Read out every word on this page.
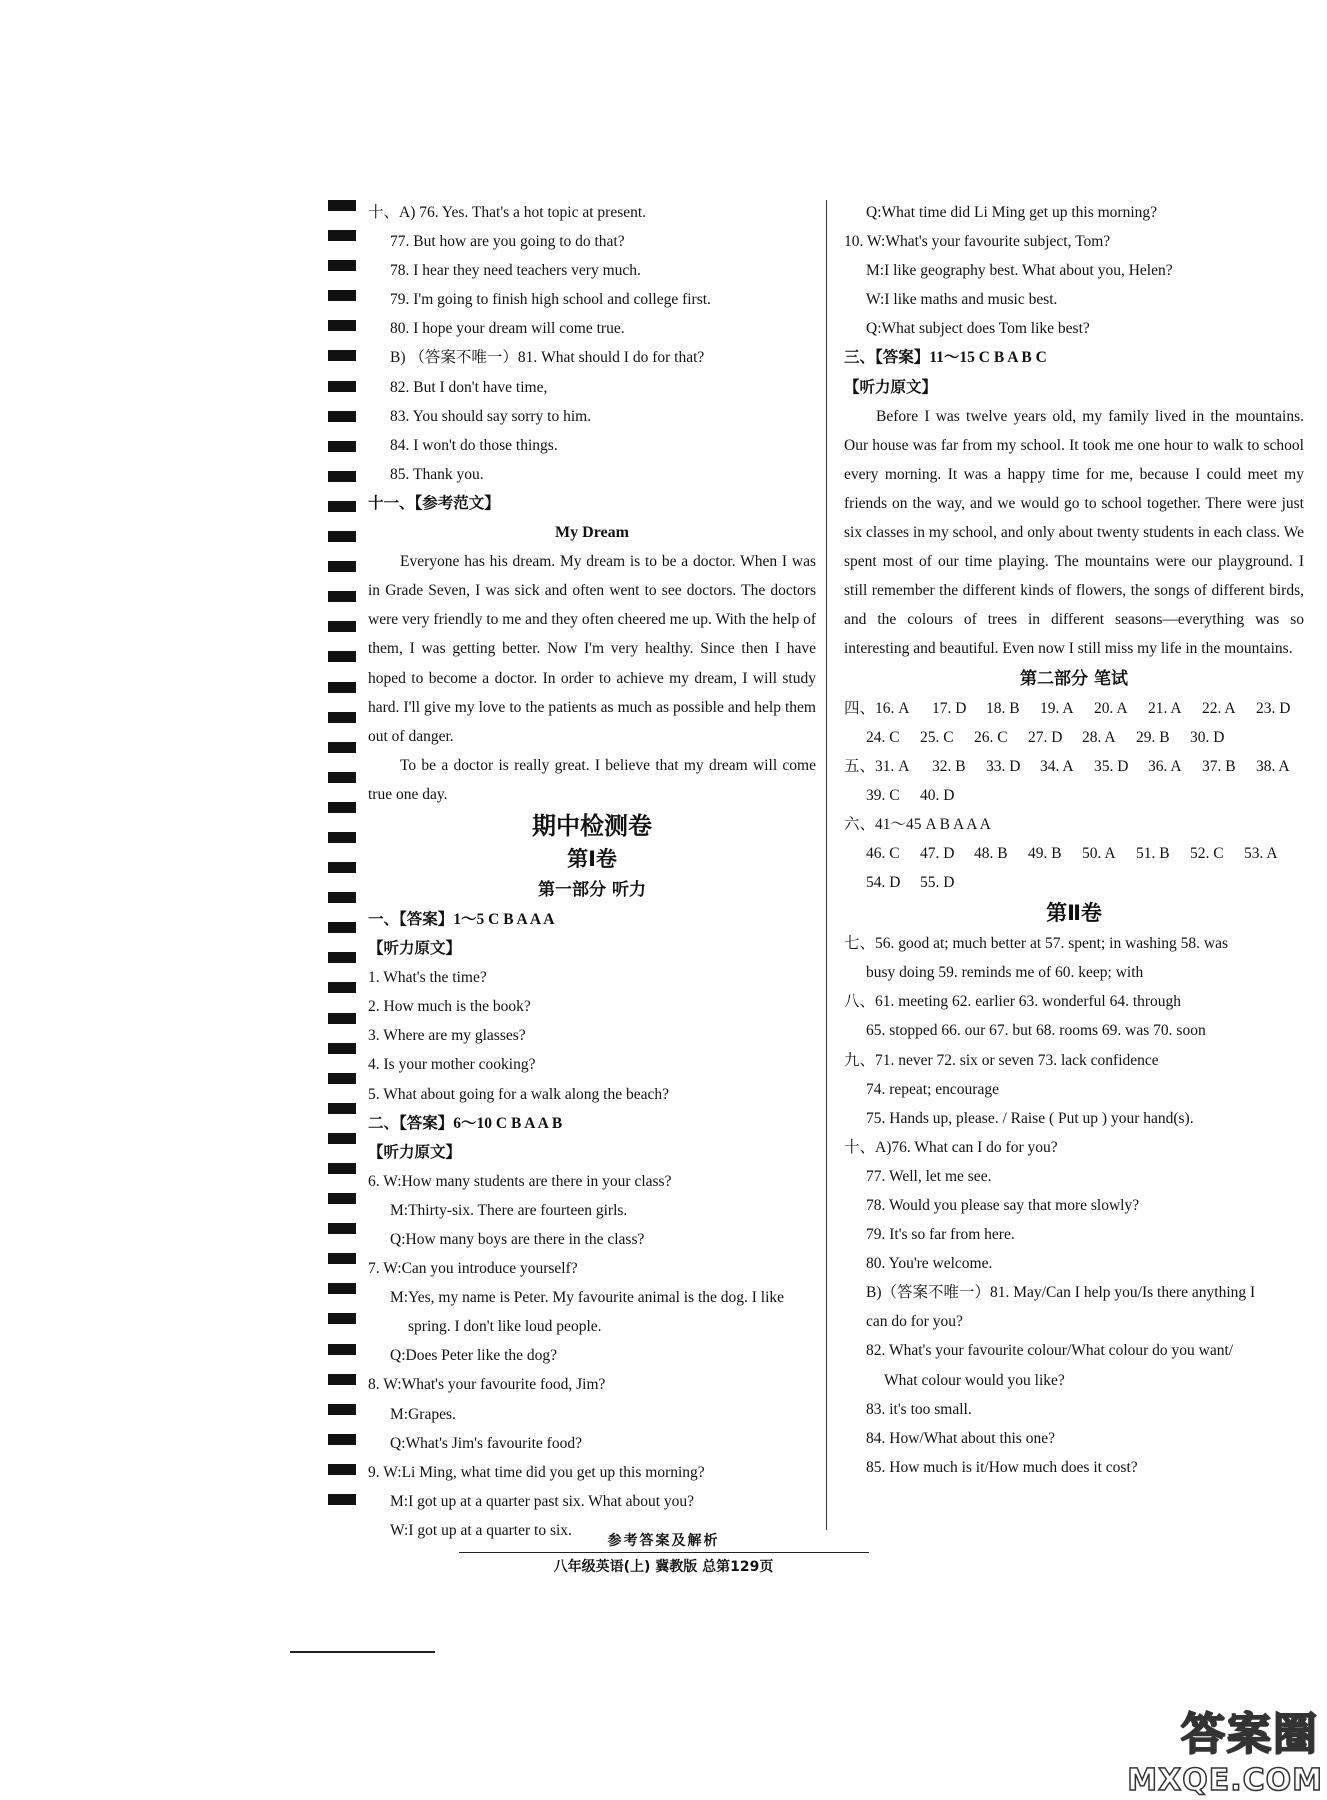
十、A) 76. Yes. That's a hot topic at present.
77. But how are you going to do that?
78. I hear they need teachers very much.
79. I'm going to finish high school and college first.
80. I hope your dream will come true.
B) （答案不唯一）81. What should I do for that?
82. But I don't have time,
83. You should say sorry to him.
84. I won't do those things.
85. Thank you.
十一、【参考范文】
My Dream
Everyone has his dream. My dream is to be a doctor. When I was in Grade Seven, I was sick and often went to see doctors. The doctors were very friendly to me and they often cheered me up. With the help of them, I was getting better. Now I'm very healthy. Since then I have hoped to become a doctor. In order to achieve my dream, I will study hard. I'll give my love to the patients as much as possible and help them out of danger.
To be a doctor is really great. I believe that my dream will come true one day.
期中检测卷
第Ⅰ卷
第一部分 听力
一、【答案】1～5 C B A A A
【听力原文】
1. What's the time?
2. How much is the book?
3. Where are my glasses?
4. Is your mother cooking?
5. What about going for a walk along the beach?
二、【答案】6～10 C B A A B
【听力原文】
6. W:How many students are there in your class?
M:Thirty-six. There are fourteen girls.
Q:How many boys are there in the class?
7. W:Can you introduce yourself?
M:Yes, my name is Peter. My favourite animal is the dog. I like
spring. I don't like loud people.
Q:Does Peter like the dog?
8. W:What's your favourite food, Jim?
M:Grapes.
Q:What's Jim's favourite food?
9. W:Li Ming, what time did you get up this morning?
M:I got up at a quarter past six. What about you?
W:I got up at a quarter to six.
Q:What time did Li Ming get up this morning?
10. W:What's your favourite subject, Tom?
M:I like geography best. What about you, Helen?
W:I like maths and music best.
Q:What subject does Tom like best?
三、【答案】11～15 C B A B C
【听力原文】
Before I was twelve years old, my family lived in the mountains. Our house was far from my school. It took me one hour to walk to school every morning. It was a happy time for me, because I could meet my friends on the way, and we would go to school together. There were just six classes in my school, and only about twenty students in each class. We spent most of our time playing. The mountains were our playground. I still remember the different kinds of flowers, the songs of different birds, and the colours of trees in different seasons—everything was so interesting and beautiful. Even now I still miss my life in the mountains.
第二部分 笔试
四、16. A	17. D	18. B	19. A	20. A	21. A	22. A	23. D
24. C	25. C	26. C	27. D	28. A	29. B	30. D
五、31. A	32. B	33. D	34. A	35. D	36. A	37. B	38. A
39. C	40. D
六、41～45 A B A A A
46. C	47. D	48. B	49. B	50. A	51. B	52. C	53. A
54. D	55. D
第Ⅱ卷
七、56. good at; much better at 57. spent; in washing 58. was
busy doing 59. reminds me of 60. keep; with
八、61. meeting 62. earlier 63. wonderful 64. through
65. stopped 66. our 67. but 68. rooms 69. was 70. soon
九、71. never 72. six or seven 73. lack confidence
74. repeat; encourage
75. Hands up, please. / Raise ( Put up ) your hand(s).
十、A)76. What can I do for you?
77. Well, let me see.
78. Would you please say that more slowly?
79. It's so far from here.
80. You're welcome.
B)（答案不唯一）81. May/Can I help you/Is there anything I
can do for you?
82. What's your favourite colour/What colour do you want/
What colour would you like?
83. it's too small.
84. How/What about this one?
85. How much is it/How much does it cost?
参考答案及解析
八年级英语(上) 冀教版 总第129页
答案圈
MXQE.COM
